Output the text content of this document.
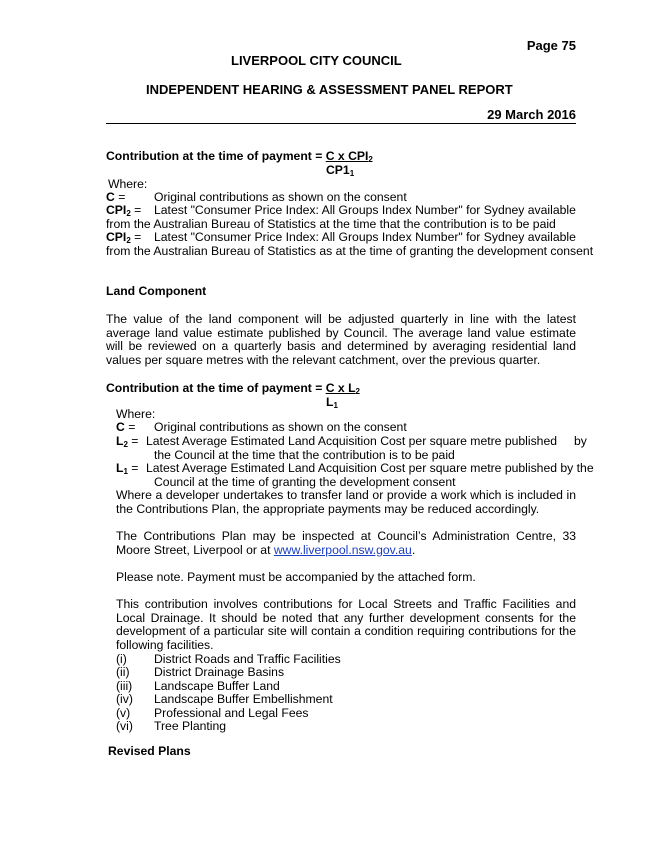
Page 75
LIVERPOOL CITY COUNCIL
INDEPENDENT HEARING & ASSESSMENT PANEL REPORT
29 March 2016
Contribution at the time of payment = C x $CPI_2$
$CP1_1$
Where:
C = Original contributions as shown on the consent
$CPI_2$ = Latest "Consumer Price Index: All Groups Index Number" for Sydney available
from the Australian Bureau of Statistics at the time that the contribution is to be paid
$CPI_2$ = Latest "Consumer Price Index: All Groups Index Number" for Sydney available
from the Australian Bureau of Statistics as at the time of granting the development consent
Land Component
The value of the land component will be adjusted quarterly in line with the latest average land value estimate published by Council. The average land value estimate will be reviewed on a quarterly basis and determined by averaging residential land values per square metres with the relevant catchment, over the previous quarter.
Contribution at the time of payment = C x $L_2$
$L_1$
Where:
C = Original contributions as shown on the consent
$L_2$ = Latest Average Estimated Land Acquisition Cost per square metre published     by
the Council at the time that the contribution is to be paid
$L_1$ = Latest Average Estimated Land Acquisition Cost per square metre published by the
Council at the time of granting the development consent
Where a developer undertakes to transfer land or provide a work which is included in the Contributions Plan, the appropriate payments may be reduced accordingly.
The Contributions Plan may be inspected at Council’s Administration Centre, 33 Moore Street, Liverpool or at www.liverpool.nsw.gov.au.
Please note. Payment must be accompanied by the attached form.
This contribution involves contributions for Local Streets and Traffic Facilities and Local Drainage. It should be noted that any further development consents for the development of a particular site will contain a condition requiring contributions for the following facilities.
(i) District Roads and Traffic Facilities
(ii) District Drainage Basins
(iii) Landscape Buffer Land
(iv) Landscape Buffer Embellishment
(v) Professional and Legal Fees
(vi) Tree Planting
Revised Plans
